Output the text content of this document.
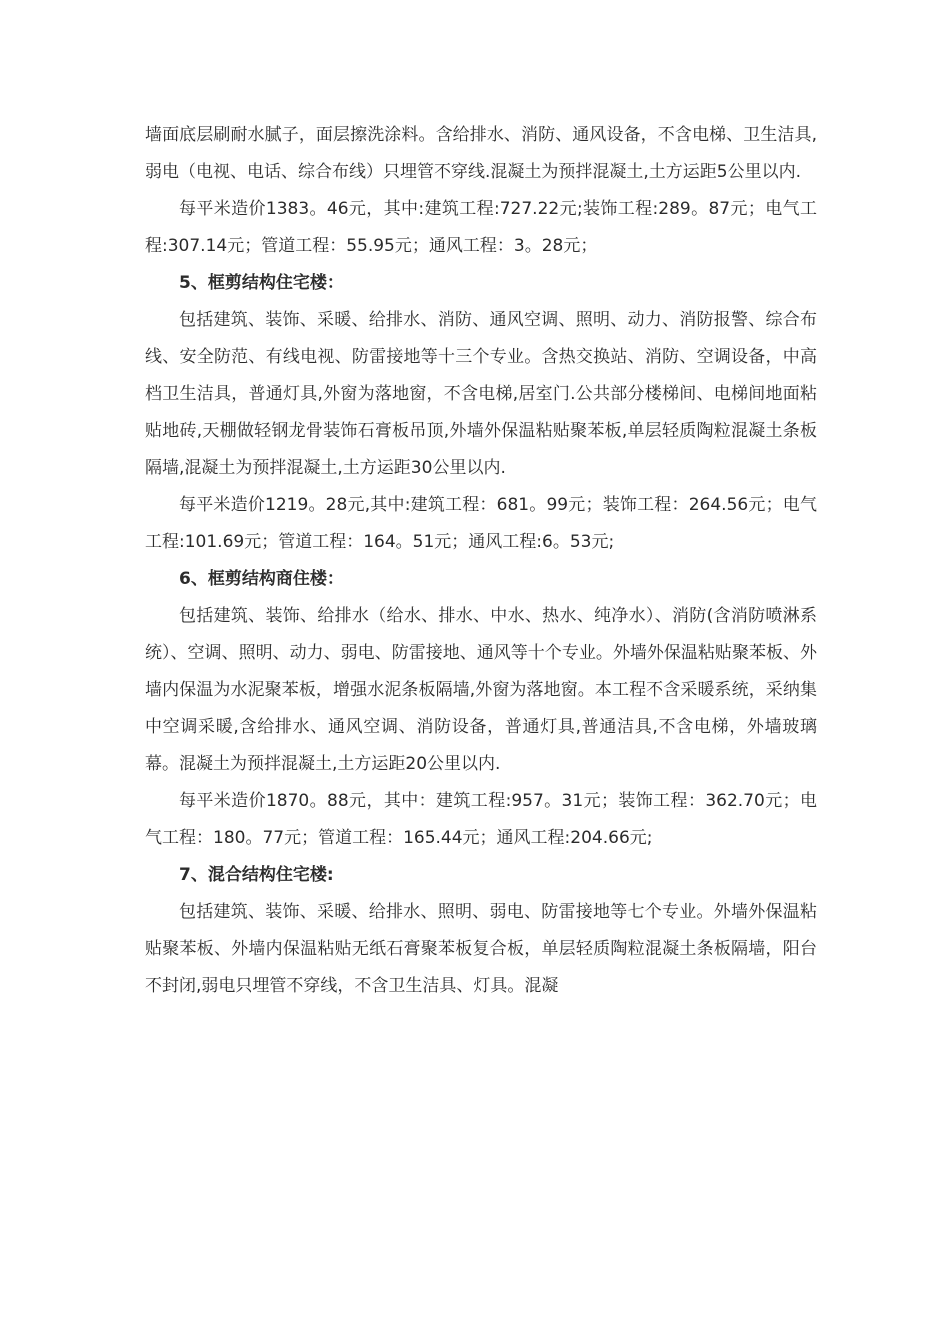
墙面底层刷耐水腻子，面层擦洗涂料。含给排水、消防、通风设备，不含电梯、卫生洁具,弱电（电视、电话、综合布线）只埋管不穿线.混凝土为预拌混凝土,土方运距5公里以内.

每平米造价1383。46元，其中:建筑工程:727.22元;装饰工程:289。87元；电气工程:307.14元；管道工程：55.95元；通风工程：3。28元；

5、框剪结构住宅楼：

包括建筑、装饰、采暖、给排水、消防、通风空调、照明、动力、消防报警、综合布线、安全防范、有线电视、防雷接地等十三个专业。含热交换站、消防、空调设备，中高档卫生洁具，普通灯具,外窗为落地窗，不含电梯,居室门.公共部分楼梯间、电梯间地面粘贴地砖,天棚做轻钢龙骨装饰石膏板吊顶,外墙外保温粘贴聚苯板,单层轻质陶粒混凝土条板隔墙,混凝土为预拌混凝土,土方运距30公里以内.

每平米造价1219。28元,其中:建筑工程：681。99元；装饰工程：264.56元；电气工程:101.69元；管道工程：164。51元；通风工程:6。53元;

6、框剪结构商住楼：

包括建筑、装饰、给排水（给水、排水、中水、热水、纯净水）、消防(含消防喷淋系统）、空调、照明、动力、弱电、防雷接地、通风等十个专业。外墙外保温粘贴聚苯板、外墙内保温为水泥聚苯板，增强水泥条板隔墙,外窗为落地窗。本工程不含采暖系统，采纳集中空调采暖,含给排水、通风空调、消防设备，普通灯具,普通洁具,不含电梯，外墙玻璃幕。混凝土为预拌混凝土,土方运距20公里以内.

每平米造价1870。88元，其中：建筑工程:957。31元；装饰工程：362.70元；电气工程：180。77元；管道工程：165.44元；通风工程:204.66元;

7、混合结构住宅楼:

包括建筑、装饰、采暖、给排水、照明、弱电、防雷接地等七个专业。外墙外保温粘贴聚苯板、外墙内保温粘贴无纸石膏聚苯板复合板，单层轻质陶粒混凝土条板隔墙，阳台不封闭,弱电只埋管不穿线，不含卫生洁具、灯具。混凝
